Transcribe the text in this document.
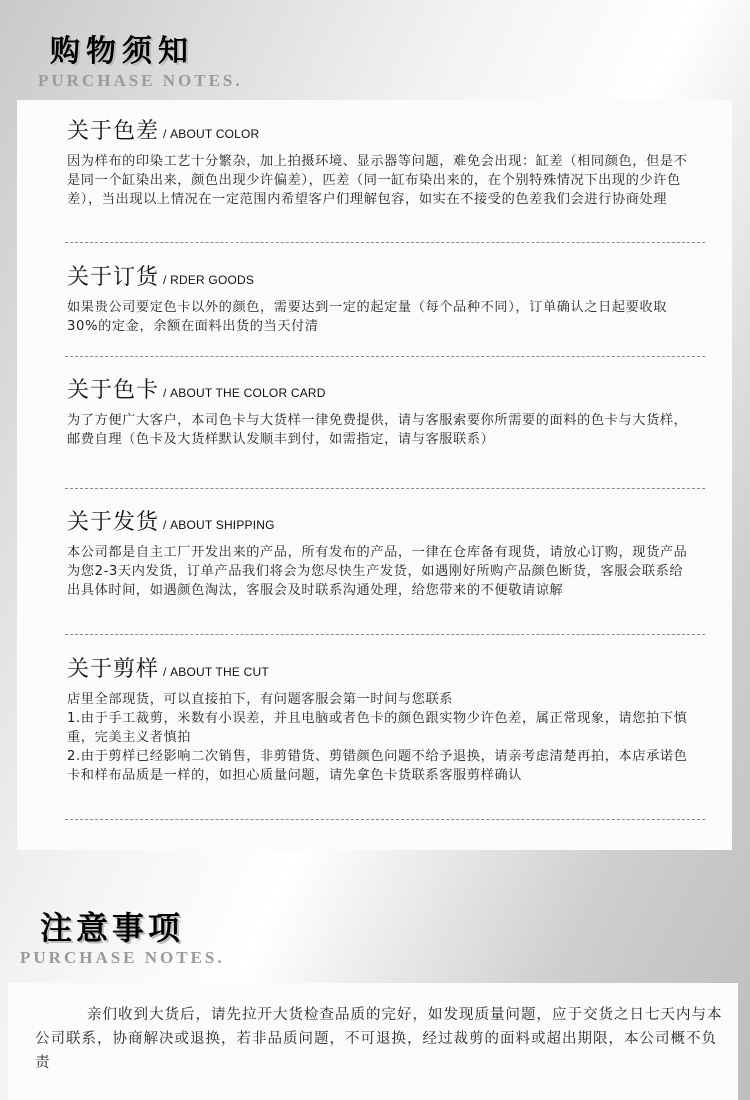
购物须知
PURCHASE NOTES.
关于色差 / ABOUT COLOR

因为样布的印染工艺十分繁杂，加上拍摄环境、显示器等问题，难免会出现：缸差（相同颜色，但是不是同一个缸染出来，颜色出现少许偏差），匹差（同一缸布染出来的，在个别特殊情况下出现的少许色差），当出现以上情况在一定范围内希望客户们理解包容，如实在不接受的色差我们会进行协商处理

关于订货 / RDER GOODS

如果贵公司要定色卡以外的颜色，需要达到一定的起定量（每个品种不同），订单确认之日起要收取30%的定金，余额在面料出货的当天付清

关于色卡 / ABOUT THE COLOR CARD

为了方便广大客户，本司色卡与大货样一律免费提供，请与客服索要你所需要的面料的色卡与大货样，邮费自理（色卡及大货样默认发顺丰到付，如需指定，请与客服联系）

关于发货 / ABOUT SHIPPING

本公司都是自主工厂开发出来的产品，所有发布的产品，一律在仓库备有现货，请放心订购，现货产品为您2-3天内发货，订单产品我们将会为您尽快生产发货，如遇刚好所购产品颜色断货，客服会联系给出具体时间，如遇颜色淘汰，客服会及时联系沟通处理，给您带来的不便敬请谅解

关于剪样 / ABOUT THE CUT

店里全部现货，可以直接拍下，有问题客服会第一时间与您联系

1.由于手工裁剪，米数有小误差，并且电脑或者色卡的颜色跟实物少许色差，属正常现象，请您拍下慎重，完美主义者慎拍

2.由于剪样已经影响二次销售，非剪错货、剪错颜色问题不给予退换，请亲考虑清楚再拍，本店承诺色卡和样布品质是一样的，如担心质量问题，请先拿色卡货联系客服剪样确认

注意事项
PURCHASE NOTES.

亲们收到大货后，请先拉开大货检查品质的完好，如发现质量问题，应于交货之日七天内与本公司联系，协商解决或退换，若非品质问题，不可退换，经过裁剪的面料或超出期限，本公司概不负责
